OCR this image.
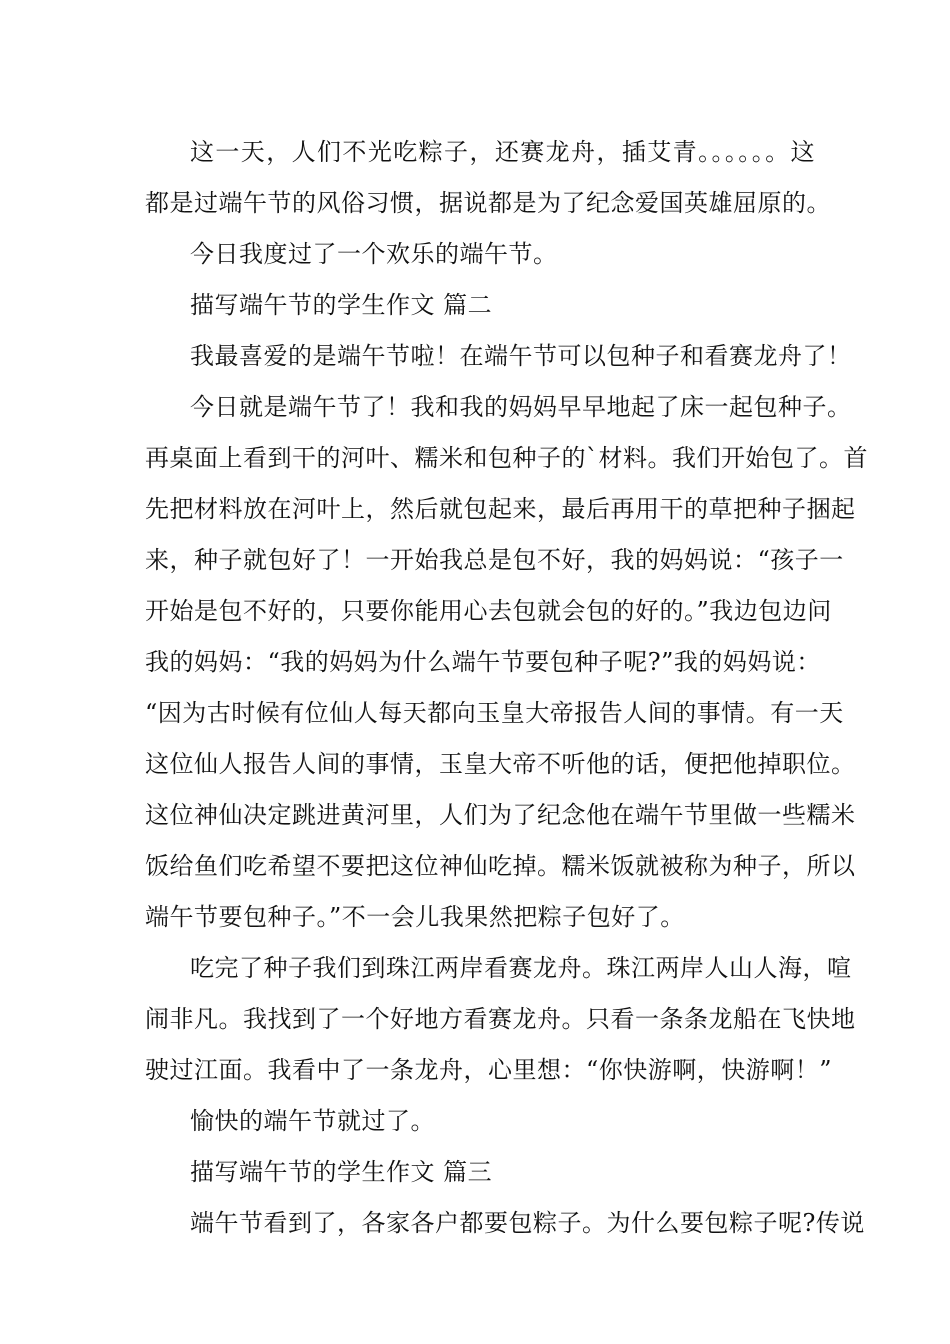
这一天，人们不光吃粽子，还赛龙舟，插艾青。。。。。。这
都是过端午节的风俗习惯，据说都是为了纪念爱国英雄屈原的。
今日我度过了一个欢乐的端午节。
描写端午节的学生作文 篇二
我最喜爱的是端午节啦！在端午节可以包种子和看赛龙舟了！
今日就是端午节了！我和我的妈妈早早地起了床一起包种子。
再桌面上看到干的河叶、糯米和包种子的`材料。我们开始包了。首
先把材料放在河叶上，然后就包起来，最后再用干的草把种子捆起
来，种子就包好了！一开始我总是包不好，我的妈妈说：“孩子一
开始是包不好的，只要你能用心去包就会包的好的。”我边包边问
我的妈妈：“我的妈妈为什么端午节要包种子呢?”我的妈妈说：
“因为古时候有位仙人每天都向玉皇大帝报告人间的事情。有一天
这位仙人报告人间的事情，玉皇大帝不听他的话，便把他掉职位。
这位神仙决定跳进黄河里，人们为了纪念他在端午节里做一些糯米
饭给鱼们吃希望不要把这位神仙吃掉。糯米饭就被称为种子，所以
端午节要包种子。”不一会儿我果然把粽子包好了。
吃完了种子我们到珠江两岸看赛龙舟。珠江两岸人山人海，喧
闹非凡。我找到了一个好地方看赛龙舟。只看一条条龙船在飞快地
驶过江面。我看中了一条龙舟，心里想：“你快游啊，快游啊！”
愉快的端午节就过了。
描写端午节的学生作文 篇三
端午节看到了，各家各户都要包粽子。为什么要包粽子呢?传说
